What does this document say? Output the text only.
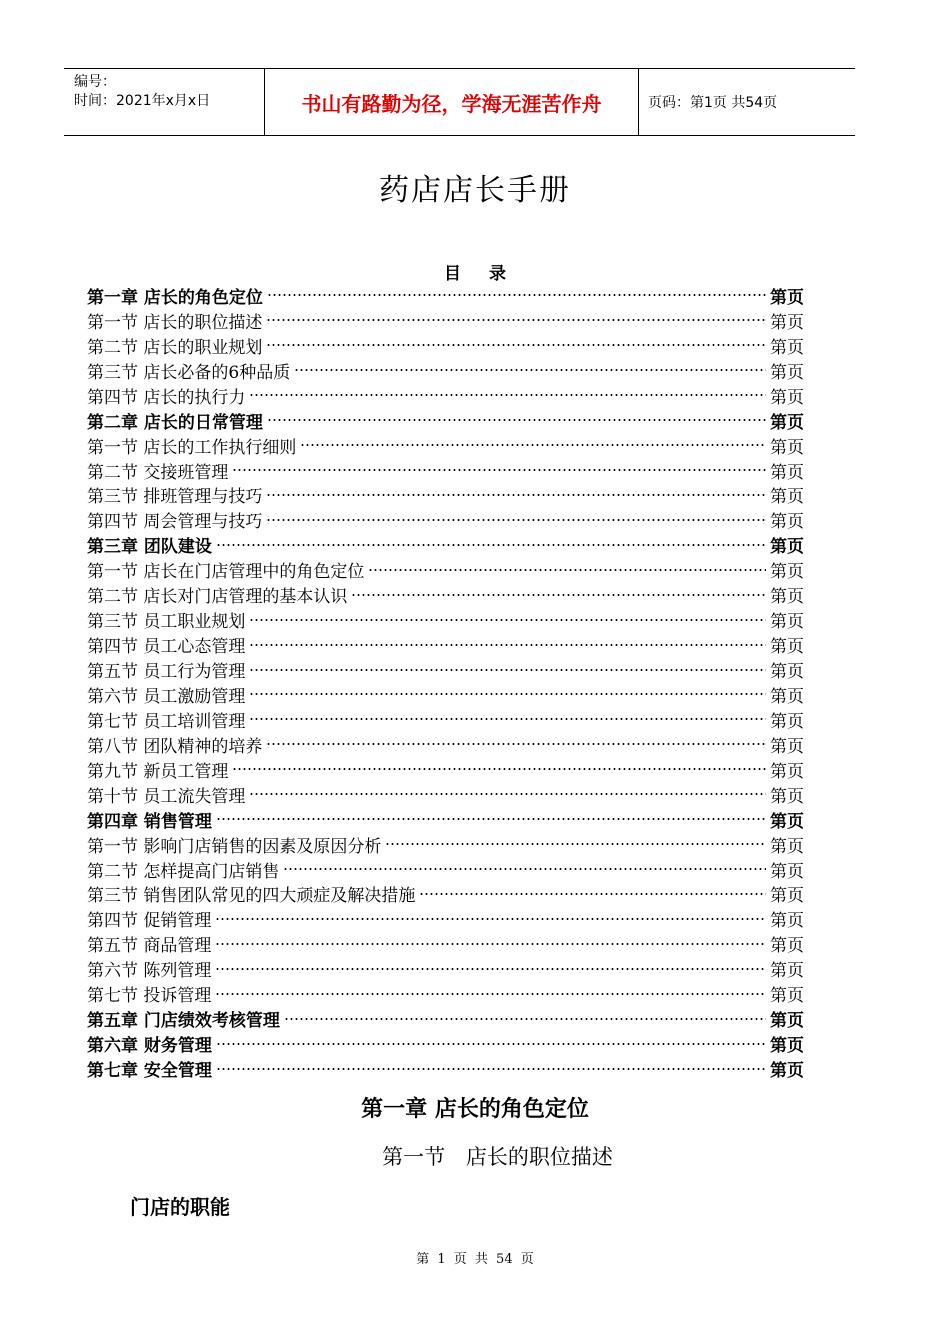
编号：
时间：2021年x月x日	书山有路勤为径，学海无涯苦作舟	页码：第1页 共54页
药店店长手册
目 录
第一章 店长的角色定位	第页
第一节 店长的职位描述	第页
第二节 店长的职业规划	第页
第三节 店长必备的6种品质	第页
第四节 店长的执行力	第页
第二章 店长的日常管理	第页
第一节 店长的工作执行细则	第页
第二节 交接班管理	第页
第三节 排班管理与技巧	第页
第四节 周会管理与技巧	第页
第三章 团队建设	第页
第一节 店长在门店管理中的角色定位	第页
第二节 店长对门店管理的基本认识	第页
第三节 员工职业规划	第页
第四节 员工心态管理	第页
第五节 员工行为管理	第页
第六节 员工激励管理	第页
第七节 员工培训管理	第页
第八节 团队精神的培养	第页
第九节 新员工管理	第页
第十节 员工流失管理	第页
第四章 销售管理	第页
第一节 影响门店销售的因素及原因分析	第页
第二节 怎样提高门店销售	第页
第三节 销售团队常见的四大顽症及解决措施	第页
第四节 促销管理	第页
第五节 商品管理	第页
第六节 陈列管理	第页
第七节 投诉管理	第页
第五章 门店绩效考核管理	第页
第六章 财务管理	第页
第七章 安全管理	第页
第一章 店长的角色定位
第一节 店长的职位描述
门店的职能
第 1 页 共 54 页
